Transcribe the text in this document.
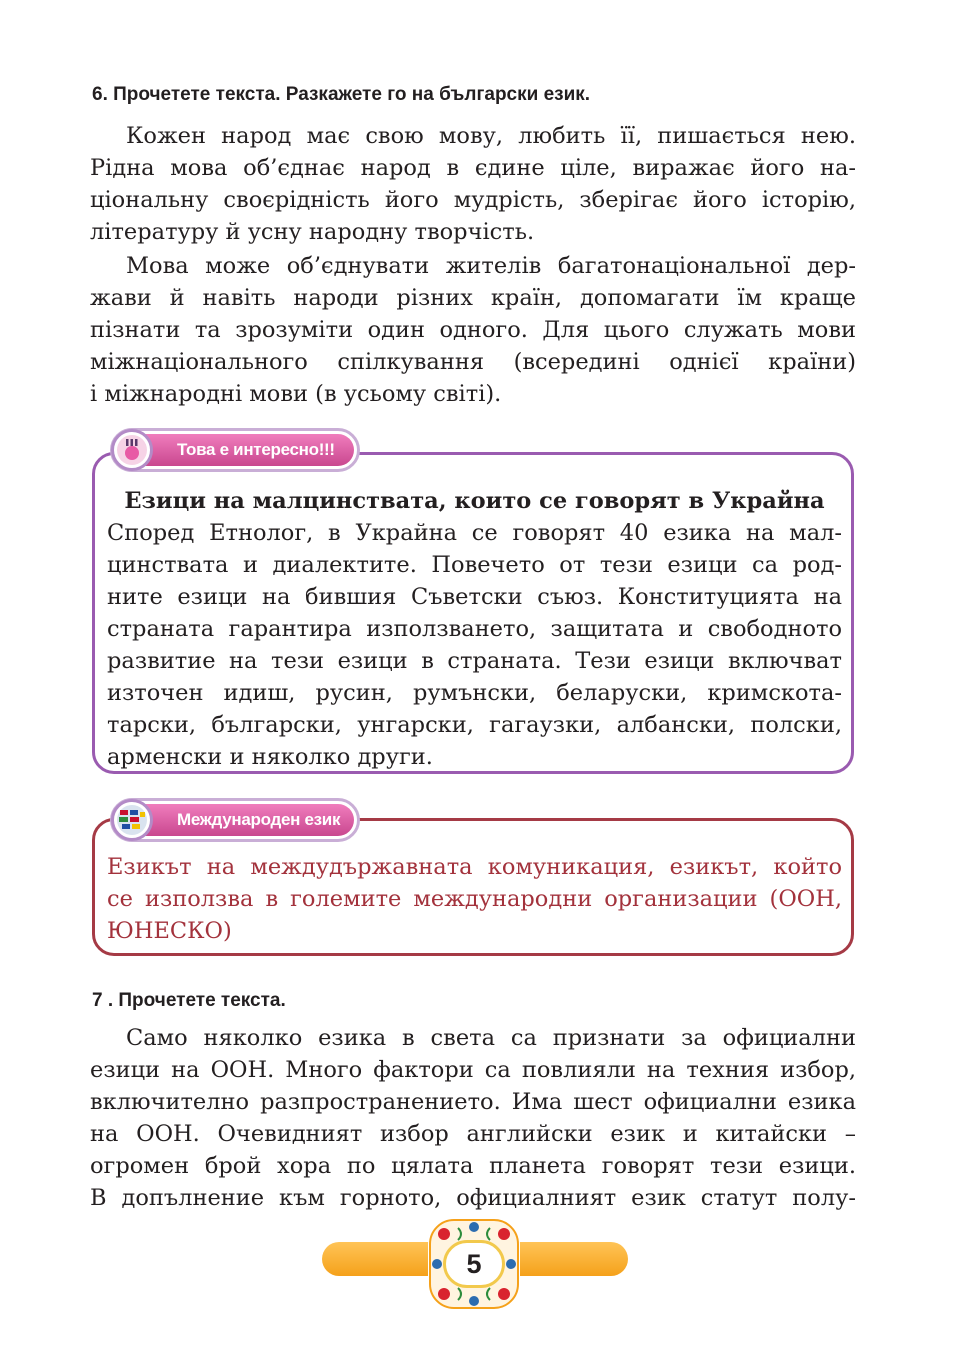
6. Прочетете текста. Разкажете го на български език.
Кожен народ має свою мову, любить її, пишається нею.
Рідна мова об’єднає народ в єдине ціле, виражає його на-
ціональну своєрідність його мудрість, зберігає його історію,
літературу й усну народну творчість.
Мова може об’єднувати жителів багатонаціональної дер-
жави й навіть народи різних країн, допомагати їм краще
пізнати та зрозуміти один одного. Для цього служать мови
міжнаціонального спілкування (всередині однієї країни)
і міжнародні мови (в усьому світі).
Езици на малцинствата, които се говорят в Украйна
Според Етнолог, в Украйна се говорят 40 езика на мал-
цинствата и диалектите. Повечето от тези езици са род-
ните езици на бившия Съветски съюз. Конституцията на
страната гарантира използването, защитата и свободното
развитие на тези езици в страната. Тези езици включват
източен идиш, русин, румънски, беларуски, кримскота-
тарски, български, унгарски, гагаузки, албански, полски,
арменски и няколко други.
Това е интересно!!!
Езикът на междудържавната комуникация, езикът, който
се използва в големите международни организации (ООН,
ЮНЕСКО)
Международен език
7 . Прочетете текста.
Само няколко езика в света са признати за официални
езици на ООН. Много фактори са повлияли на техния избор,
включително разпространението. Има шест официални езика
на ООН. Очевидният избор английски език и китайски –
огромен брой хора по цялата планета говорят тези езици.
В допълнение към горното, официалният език статут полу-
5
